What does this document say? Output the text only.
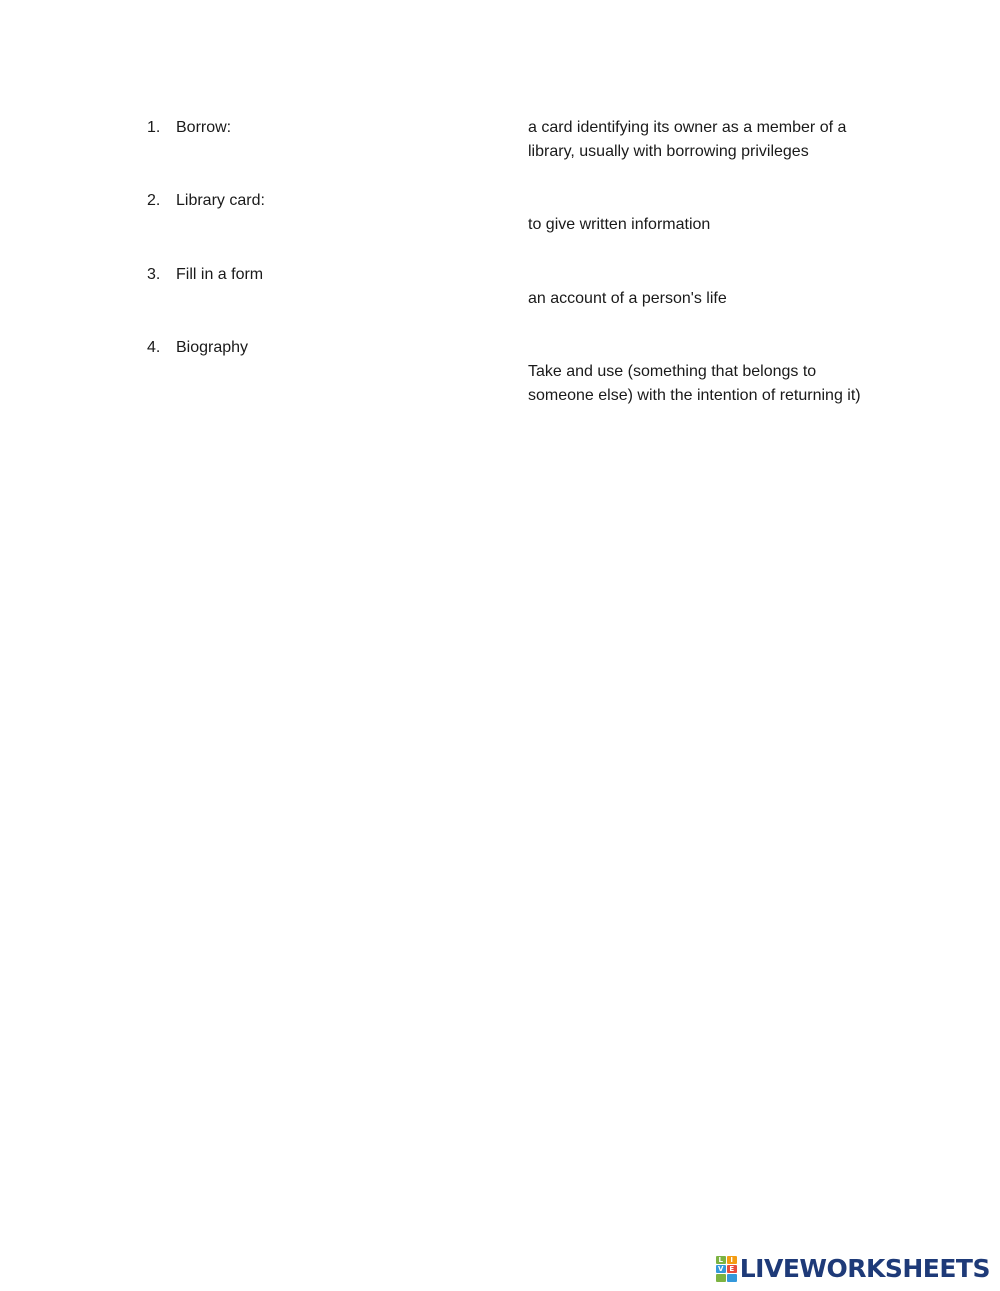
1. Borrow:
2. Library card:
3. Fill in a form
4. Biography
a card identifying its owner as a member of a library, usually with borrowing privileges
to give written information
an account of a person's life
Take and use (something that belongs to someone else) with the intention of returning it)
L	I
V E LIVEWORKSHEETS
